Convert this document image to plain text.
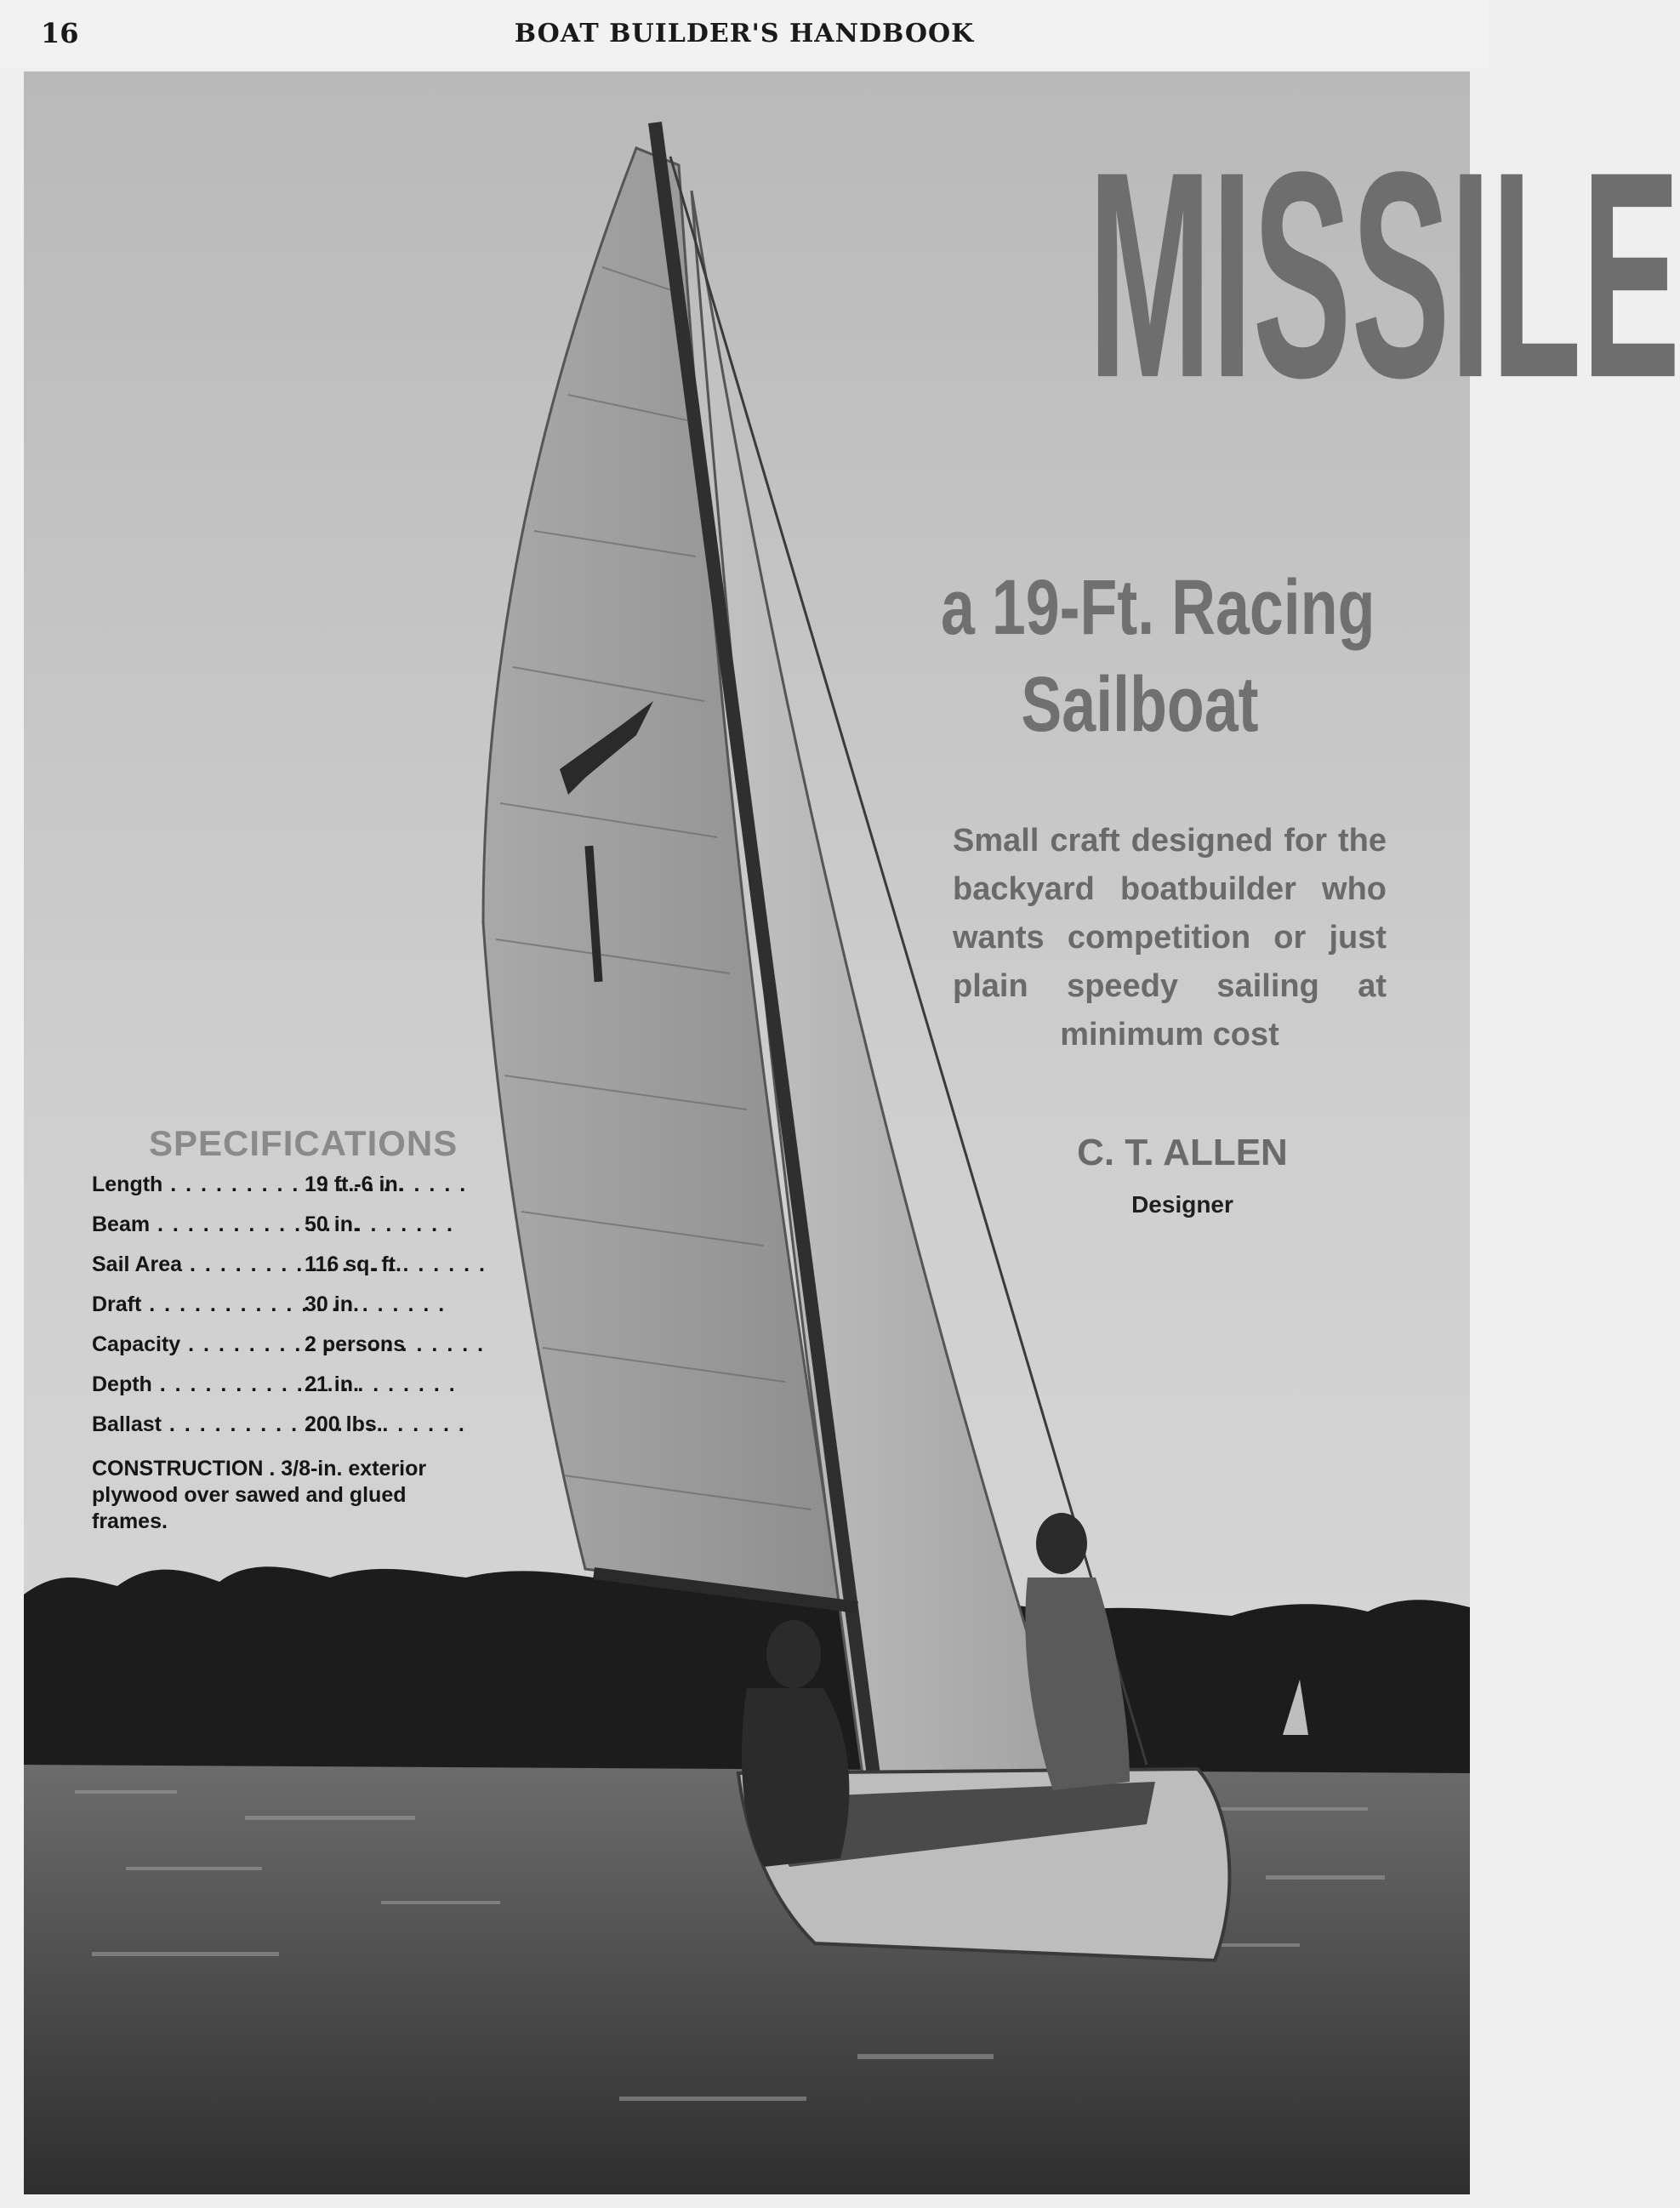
16	BOAT BUILDER'S HANDBOOK
MISSILE
a 19-Ft. Racing
Sailboat
Small craft designed for the backyard boatbuilder who wants competition or just plain speedy sailing at minimum cost
C. T. ALLEN
Designer
SPECIFICATIONS
Length . . .	19 ft.-6 in.
Beam . . .	50 in.
Sail Area . . .	116 sq. ft.
Draft . . .	30 in.
Capacity . . .	2 persons
Depth . . .	21 in.
Ballast . . .	200 lbs.
CONSTRUCTION . 3/8-in. exterior plywood over sawed and glued frames.
